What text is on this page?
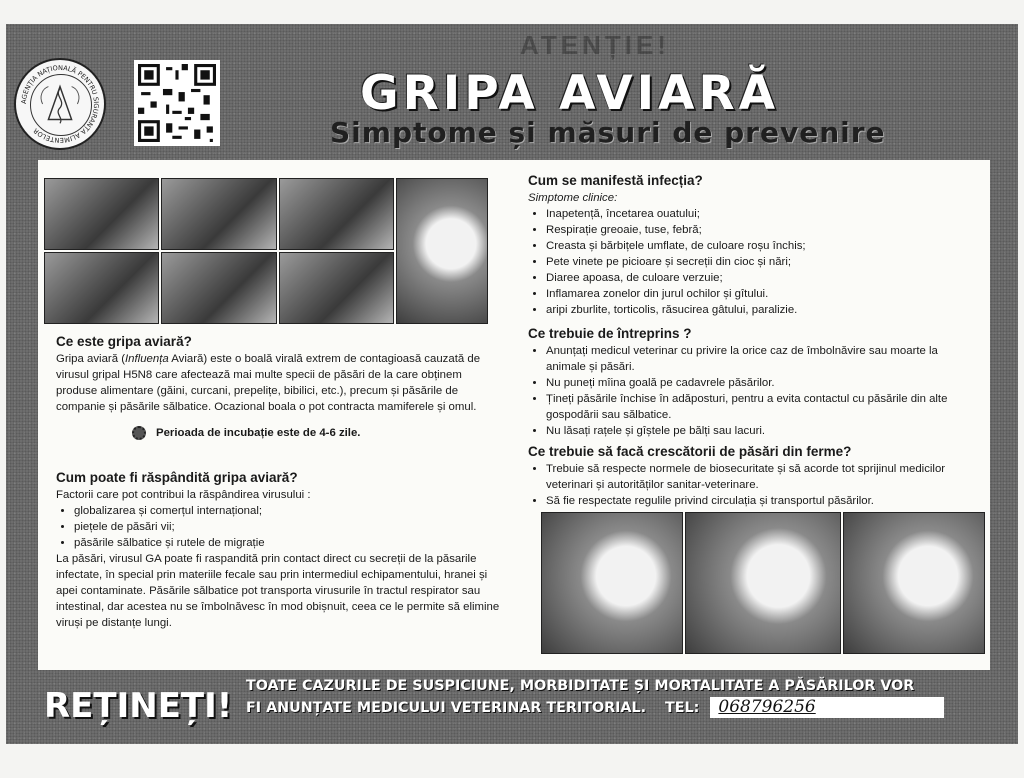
ATENȚIE!
AGENȚIA NAȚIONALĂ PENTRU SIGURANȚA ALIMENTELOR
GRIPA AVIARĂ
Simptome și măsuri de prevenire
Ce este gripa aviară?

Gripa aviară (Influența Aviară) este o boală virală extrem de contagioasă cauzată de virusul gripal H5N8 care afectează mai multe specii de păsări de la care obținem produse alimentare (găini, curcani, prepelițe, bibilici, etc.), precum și păsările de companie și păsările sălbatice. Ocazional boala o pot contracta mamiferele și omul.

Perioada de incubație este de 4-6 zile.
Cum poate fi răspândită gripa aviară?

Factorii care pot contribui la răspândirea virusului :

• globalizarea și comerțul internațional;
• piețele de păsări vii;
• păsările sălbatice și rutele de migrație

La păsări, virusul GA poate fi raspandită prin contact direct cu secreții de la păsarile infectate, în special prin materiile fecale sau prin intermediul echipamentului, hranei și apei contaminate. Păsările sălbatice pot transporta virusurile în tractul respirator sau intestinal, dar acestea nu se îmbolnăvesc în mod obișnuit, ceea ce le permite să elimine viruși pe distanțe lungi.

Cum se manifestă infecția?

Simptome clinice:

• Inapetență, încetarea ouatului;
• Respirație greoaie, tuse, febră;
• Creasta și bărbițele umflate, de culoare roșu închis;
• Pete vinete pe picioare și secreții din cioc și nări;
• Diaree apoasa, de culoare verzuie;
• Inflamarea zonelor din jurul ochilor și gîtului.
• aripi zburlite, torticolis, răsucirea gâtului, paralizie.
Ce trebuie de întreprins ?
• Anunțați medicul veterinar cu privire la orice caz de îmbolnăvire sau moarte la animale și păsări.
• Nu puneți mîina goală pe cadavrele păsărilor.
• Țineți păsările închise în adăposturi, pentru a evita contactul cu păsările din alte gospodării sau sălbatice.
• Nu lăsați rațele și gîștele pe bălți sau lacuri.
Ce trebuie să facă crescătorii de păsări din ferme?
• Trebuie să respecte normele de biosecuritate și să acorde tot sprijinul medicilor veterinari și autorităților sanitar-veterinare.
• Să fie respectate regulile privind circulația și transportul păsărilor.
REȚINEȚI! TOATE CAZURILE DE SUSPICIUNE, MORBIDITATE ȘI MORTALITATE A PĂSĂRILOR VOR
FI ANUNȚATE MEDICULUI VETERINAR TERITORIAL. TEL: 068796256
